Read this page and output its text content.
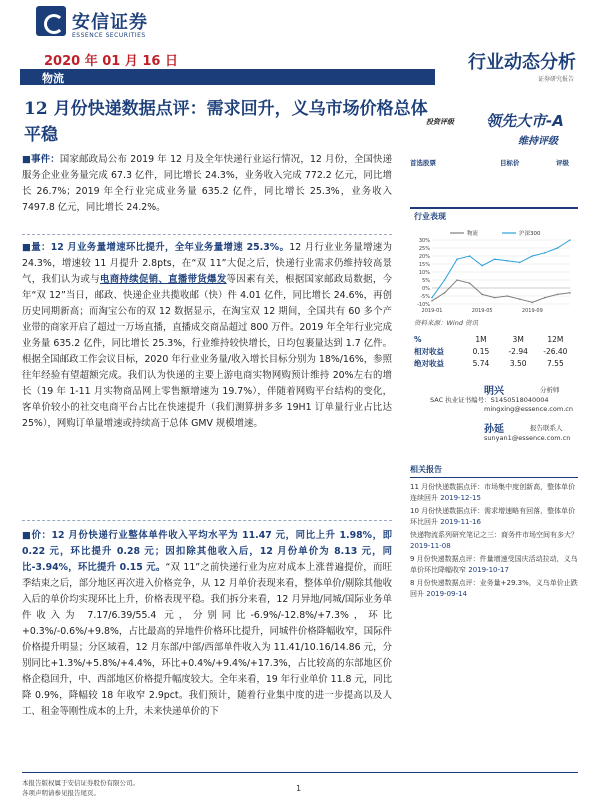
安信证券
ESSENCE SECURITIES
2020 年 01 月 16 日	行业动态分析
证券研究报告
物流
12 月份快递数据点评：需求回升，义乌市场价格总体平稳
■事件：国家邮政局公布 2019 年 12 月及全年快递行业运行情况，12 月份，全国快递服务企业业务量完成 67.3 亿件，同比增长 24.3%，业务收入完成 772.2 亿元，同比增长 26.7%；2019 年全行业完成业务量 635.2 亿件，同比增长 25.3%，业务收入 7497.8 亿元，同比增长 24.2%。
■量：12 月业务量增速环比提升，全年业务量增速 25.3%。12 月行业业务量增速为 24.3%，增速较 11 月提升 2.8pts，在“双 11”大促之后，快递行业需求仍维持较高景气，我们认为或与电商持续促销、直播带货爆发等因素有关，根据国家邮政局数据，今年“双 12”当日，邮政、快递企业共揽收邮（快）件 4.01 亿件，同比增长 24.6%，再创历史同期新高；而淘宝公布的双 12 数据显示，在淘宝双 12 期间，全国共有 60 多个产业带的商家开启了超过一万场直播，直播成交商品超过 800 万件。2019 年全年行业完成业务量 635.2 亿件，同比增长 25.3%，行业维持较快增长，日均包裹量达到 1.7 亿件。根据全国邮政工作会议目标，2020 年行业业务量/收入增长目标分别为 18%/16%，参照往年经验有望超额完成。我们认为快递的主要上游电商实物网购预计维持 20%左右的增长（19 年 1-11 月实物商品网上零售额增速为 19.7%），伴随着网购平台结构的变化，客单价较小的社交电商平台占比在快速提升（我们测算拼多多 19H1 订单量行业占比达 25%），网购订单量增速或持续高于总体 GMV 规模增速。
■价：12 月份快递行业整体单件收入平均水平为 11.47 元，同比上升 1.98%，即 0.22 元，环比提升 0.28 元；因扣除其他收入后，12 月份单价为 8.13 元，同比-3.94%，环比提升 0.15 元。“双 11”之前快递行业为应对成本上涨普遍提价，而旺季结束之后，部分地区再次进入价格竞争，从 12 月单价表现来看，整体单价/剔除其他收入后的单价均实现环比上升，价格表现平稳。我们拆分来看，12 月异地/同城/国际业务单件收入为 7.17/6.39/55.4 元，分别同比-6.9%/-12.8%/+7.3%，环比+0.3%/-0.6%/+9.8%，占比最高的异地件价格环比提升，同城件价格降幅收窄，国际件价格提升明显；分区域看，12 月东部/中部/西部单件收入为 11.41/10.16/14.86 元，分别同比+1.3%/+5.8%/+4.4%，环比+0.4%/+9.4%/+17.3%，占比较高的东部地区价格企稳回升，中、西部地区价格提升幅度较大。全年来看，19 年行业单价 11.8 元，同比降 0.9%，降幅较 18 年收窄 2.9pct。我们预计，随着行业集中度的进一步提高以及人工、租金等刚性成本的上升，未来快递单价的下
投资评级 领先大市-A
维持评级
首选股票	目标价	评级
行业表现
30%
25%
20%
15%
10%
5%
0%
-5%
-10%
2019-01	2019-05	2019-09
物流	沪深300
资料来源：Wind 资讯
%	1M	3M	12M
相对收益	0.15	-2.94	-26.40
绝对收益	5.74	3.50	7.55
明兴	分析师
SAC 执业证书编号：S1450518040004
mingxing@essence.com.cn
孙延	报告联系人
sunyan1@essence.com.cn
相关报告
11 月份快递数据点评：市场集中度创新高，整体单价连续回升 2019-12-15
10 月份快递数据点评：需求增速略有回落，整体单价环比回升 2019-11-16
快递物流系列研究笔记之三：商务件市场空间有多大？ 2019-11-08
9 月份快递数据点评：件量增速受国庆活动拉动，义乌单价环比降幅收窄 2019-10-17
8 月份快递数据点评：业务量+29.3%，义乌单价止跌回升 2019-09-14
本报告版权属于安信证券股份有限公司。
各项声明请参见报告尾页。	1
